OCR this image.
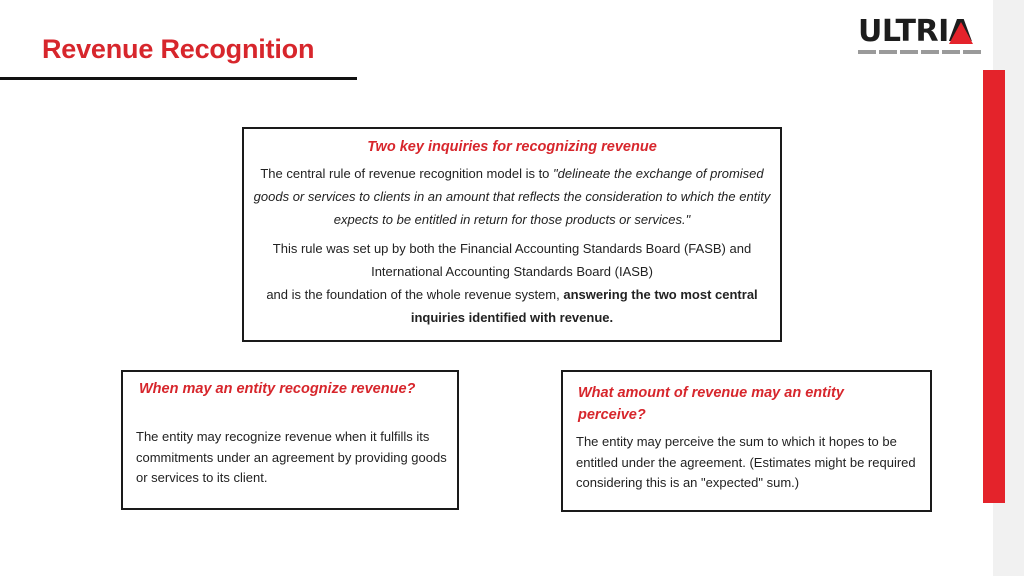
Revenue Recognition	ULTRIA
Two key inquiries for recognizing revenue
The central rule of revenue recognition model is to "delineate the exchange of promised goods or services to clients in an amount that reflects the consideration to which the entity expects to be entitled in return for those products or services."
This rule was set up by both the Financial Accounting Standards Board (FASB) and International Accounting Standards Board (IASB)
and is the foundation of the whole revenue system, answering the two most central inquiries identified with revenue.
When may an entity recognize revenue?
The entity may recognize revenue when it fulfills its commitments under an agreement by providing goods or services to its client.
What amount of revenue may an entity perceive?
The entity may perceive the sum to which it hopes to be entitled under the agreement. (Estimates might be required considering this is an "expected" sum.)
